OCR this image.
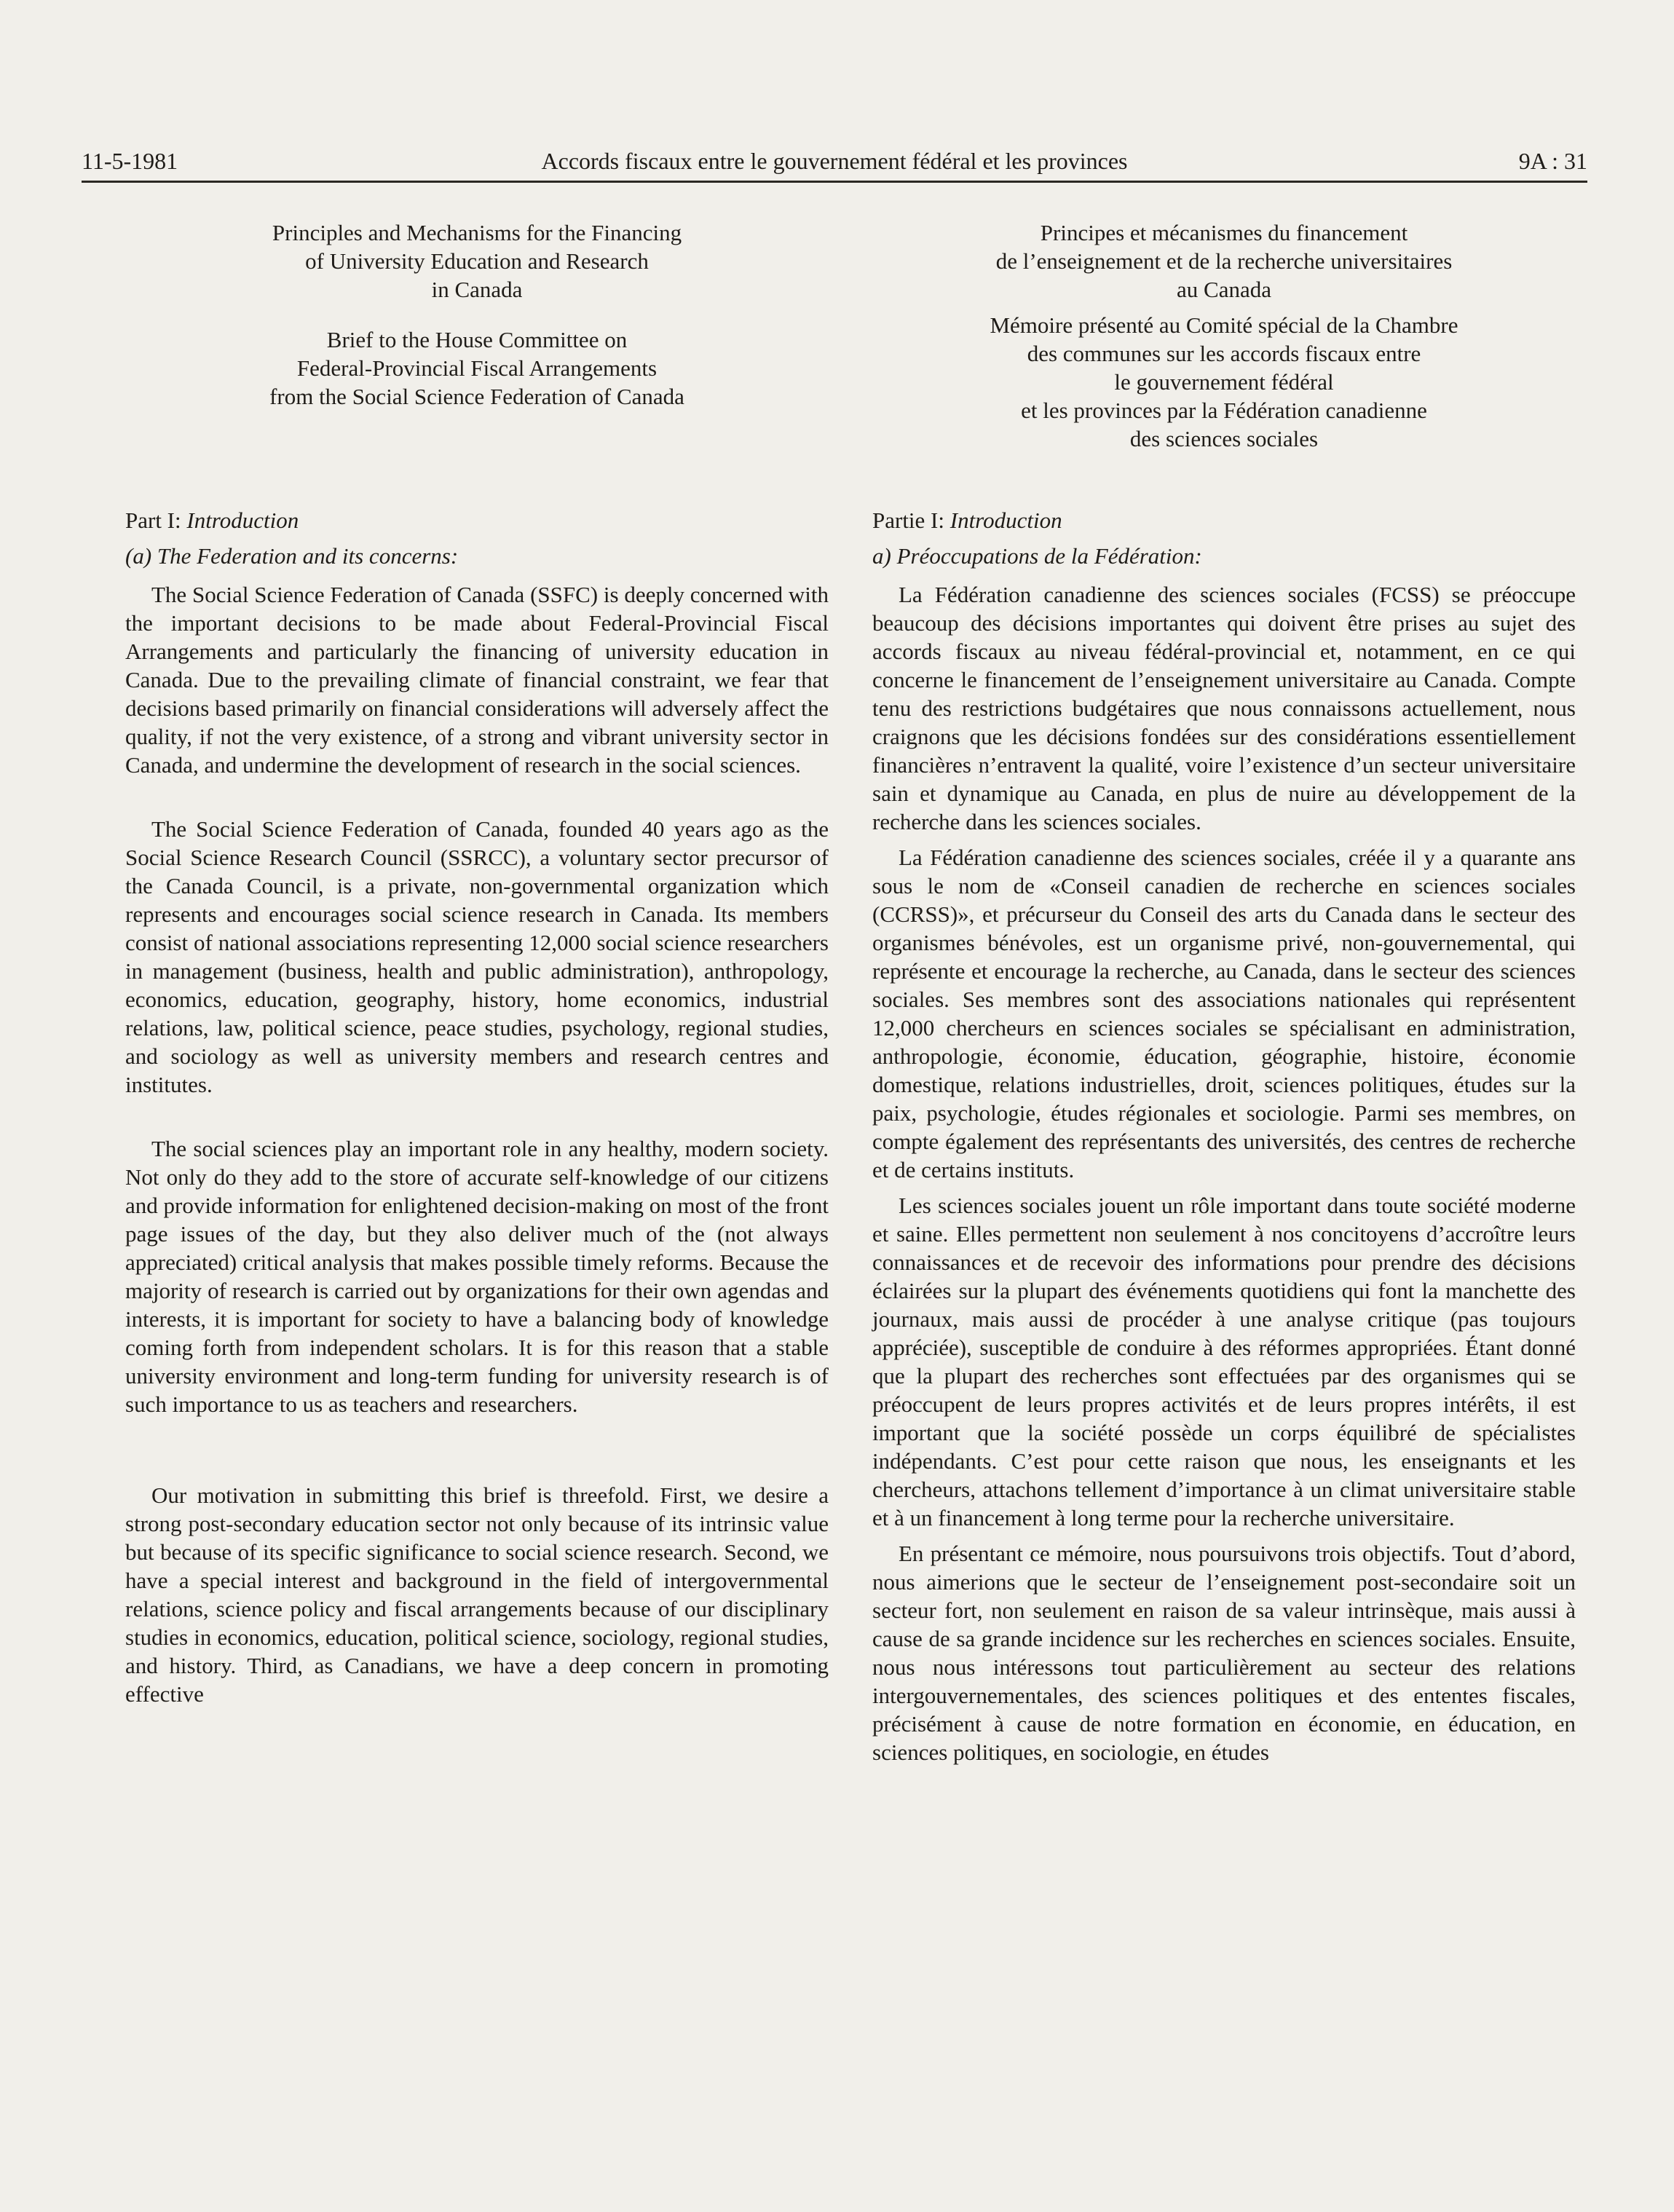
11-5-1981	Accords fiscaux entre le gouvernement fédéral et les provinces	9A : 31

Principles and Mechanisms for the Financing

of University Education and Research

in Canada

Brief to the House Committee on

Federal-Provincial Fiscal Arrangements

from the Social Science Federation of Canada

Part I: Introduction

(a) The Federation and its concerns:

The Social Science Federation of Canada (SSFC) is deeply concerned with the important decisions to be made about Federal-Provincial Fiscal Arrangements and particularly the financing of university education in Canada. Due to the prevailing climate of financial constraint, we fear that decisions based primarily on financial considerations will adversely affect the quality, if not the very existence, of a strong and vibrant university sector in Canada, and undermine the development of research in the social sciences.

The Social Science Federation of Canada, founded 40 years ago as the Social Science Research Council (SSRCC), a voluntary sector precursor of the Canada Council, is a private, non-governmental organization which represents and encourages social science research in Canada. Its members consist of national associations representing 12,000 social science researchers in management (business, health and public administration), anthropology, economics, education, geography, history, home economics, industrial relations, law, political science, peace studies, psychology, regional studies, and sociology as well as university members and research centres and institutes.

The social sciences play an important role in any healthy, modern society. Not only do they add to the store of accurate self-knowledge of our citizens and provide information for enlightened decision-making on most of the front page issues of the day, but they also deliver much of the (not always appreciated) critical analysis that makes possible timely reforms. Because the majority of research is carried out by organizations for their own agendas and interests, it is important for society to have a balancing body of knowledge coming forth from independent scholars. It is for this reason that a stable university environment and long-term funding for university research is of such importance to us as teachers and researchers.

Our motivation in submitting this brief is threefold. First, we desire a strong post-secondary education sector not only because of its intrinsic value but because of its specific significance to social science research. Second, we have a special interest and background in the field of intergovernmental relations, science policy and fiscal arrangements because of our disciplinary studies in economics, education, political science, sociology, regional studies, and history. Third, as Canadians, we have a deep concern in promoting effective

Principes et mécanismes du financement

de l’enseignement et de la recherche universitaires

au Canada

Mémoire présenté au Comité spécial de la Chambre

des communes sur les accords fiscaux entre

le gouvernement fédéral

et les provinces par la Fédération canadienne

des sciences sociales

Partie I: Introduction

a) Préoccupations de la Fédération:

La Fédération canadienne des sciences sociales (FCSS) se préoccupe beaucoup des décisions importantes qui doivent être prises au sujet des accords fiscaux au niveau fédéral-provincial et, notamment, en ce qui concerne le financement de l’enseignement universitaire au Canada. Compte tenu des restrictions budgétaires que nous connaissons actuellement, nous craignons que les décisions fondées sur des considérations essentiellement financières n’entravent la qualité, voire l’existence d’un secteur universitaire sain et dynamique au Canada, en plus de nuire au développement de la recherche dans les sciences sociales.

La Fédération canadienne des sciences sociales, créée il y a quarante ans sous le nom de «Conseil canadien de recherche en sciences sociales (CCRSS)», et précurseur du Conseil des arts du Canada dans le secteur des organismes bénévoles, est un organisme privé, non-gouvernemental, qui représente et encourage la recherche, au Canada, dans le secteur des sciences sociales. Ses membres sont des associations nationales qui représentent 12,000 chercheurs en sciences sociales se spécialisant en administration, anthropologie, économie, éducation, géographie, histoire, économie domestique, relations industrielles, droit, sciences politiques, études sur la paix, psychologie, études régionales et sociologie. Parmi ses membres, on compte également des représentants des universités, des centres de recherche et de certains instituts.

Les sciences sociales jouent un rôle important dans toute société moderne et saine. Elles permettent non seulement à nos concitoyens d’accroître leurs connaissances et de recevoir des informations pour prendre des décisions éclairées sur la plupart des événements quotidiens qui font la manchette des journaux, mais aussi de procéder à une analyse critique (pas toujours appréciée), susceptible de conduire à des réformes appropriées. Étant donné que la plupart des recherches sont effectuées par des organismes qui se préoccupent de leurs propres activités et de leurs propres intérêts, il est important que la société possède un corps équilibré de spécialistes indépendants. C’est pour cette raison que nous, les enseignants et les chercheurs, attachons tellement d’importance à un climat universitaire stable et à un financement à long terme pour la recherche universitaire.

En présentant ce mémoire, nous poursuivons trois objectifs. Tout d’abord, nous aimerions que le secteur de l’enseignement post-secondaire soit un secteur fort, non seulement en raison de sa valeur intrinsèque, mais aussi à cause de sa grande incidence sur les recherches en sciences sociales. Ensuite, nous nous intéressons tout particulièrement au secteur des relations intergouvernementales, des sciences politiques et des ententes fiscales, précisément à cause de notre formation en économie, en éducation, en sciences politiques, en sociologie, en études
